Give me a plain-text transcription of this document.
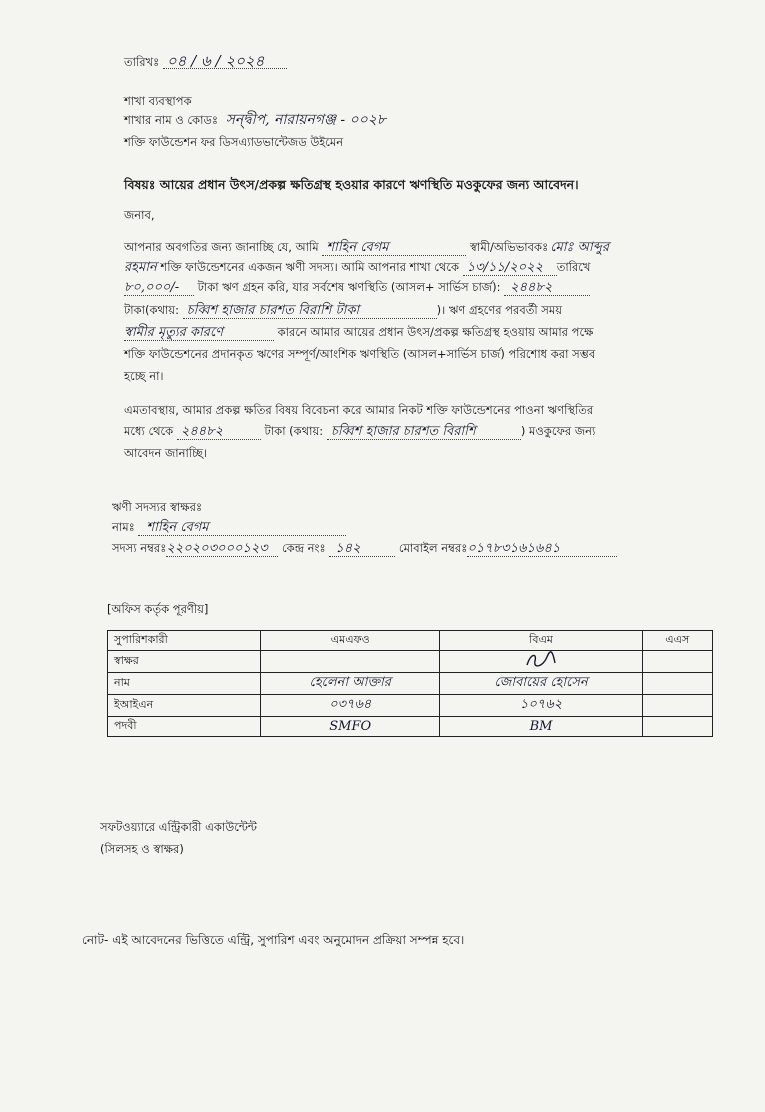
তারিখঃ ০৪ / ৬ / ২০২৪
শাখা ব্যবস্থাপক
শাখার নাম ও কোডঃ সন্দ্বীপ, নারায়নগঞ্জ - ০০২৮
শক্তি ফাউন্ডেশন ফর ডিসএ্যাডভান্টেজড উইমেন
বিষয়ঃ আয়ের প্রধান উৎস/প্রকল্প ক্ষতিগ্রস্থ হওয়ার কারণে ঋণস্থিতি মওকুফের জন্য আবেদন।
জনাব,
আপনার অবগতির জন্য জানাচ্ছি যে, আমি শাহিন বেগম	স্বামী/অভিভাবকঃ মোঃ আব্দুর
রহমান শক্তি ফাউন্ডেশনের একজন ঋণী সদস্য। আমি আপনার শাখা থেকে ১৩/১১/২০২২ তারিখে
৮০,০০০/- টাকা ঋণ গ্রহন করি, যার সর্বশেষ ঋণস্থিতি (আসল+ সার্ভিস চার্জ): ২৪৪৮২
টাকা(কথায়: চব্বিশ হাজার চারশত বিরাশি টাকা	)। ঋণ গ্রহণের পরবর্তী সময়
স্বামীর মৃত্যুর কারণে	কারনে আমার আয়ের প্রধান উৎস/প্রকল্প ক্ষতিগ্রস্থ হওয়ায় আমার পক্ষে
শক্তি ফাউন্ডেশনের প্রদানকৃত ঋণের সম্পূর্ণ/আংশিক ঋণস্থিতি (আসল+সার্ভিস চার্জ) পরিশোধ করা সম্ভব
হচ্ছে না।
এমতাবস্থায়, আমার প্রকল্প ক্ষতির বিষয় বিবেচনা করে আমার নিকট শক্তি ফাউন্ডেশনের পাওনা ঋণস্থিতির
মধ্যে থেকে ২৪৪৮২	টাকা (কথায়: চব্বিশ হাজার চারশত বিরাশি	) মওকুফের জন্য
আবেদন জানাচ্ছি।
ঋণী সদস্যর স্বাক্ষরঃ
নামঃ শাহিন বেগম
সদস্য নম্বরঃ২২০২০৩০০০১২৩ কেন্দ্র নংঃ ১৪২	মোবাইল নম্বরঃ০১৭৮৩১৬১৬৪১
[অফিস কর্তৃক পূরণীয়]
সুপারিশকারী	এমএফও	বিএম	এএস
স্বাক্ষর			
নাম	হেলেনা আক্তার	জোবায়ের হোসেন	
ইআইএন	০৩৭৬৪	১০৭৬২	
পদবী	SMFO	BM	
সফটওয়্যারে এন্ট্রিকারী একাউন্টেন্ট
(সিলসহ ও স্বাক্ষর)
নোট- এই আবেদনের ভিত্তিতে এন্ট্রি, সুপারিশ এবং অনুমোদন প্রক্রিয়া সম্পন্ন হবে।
